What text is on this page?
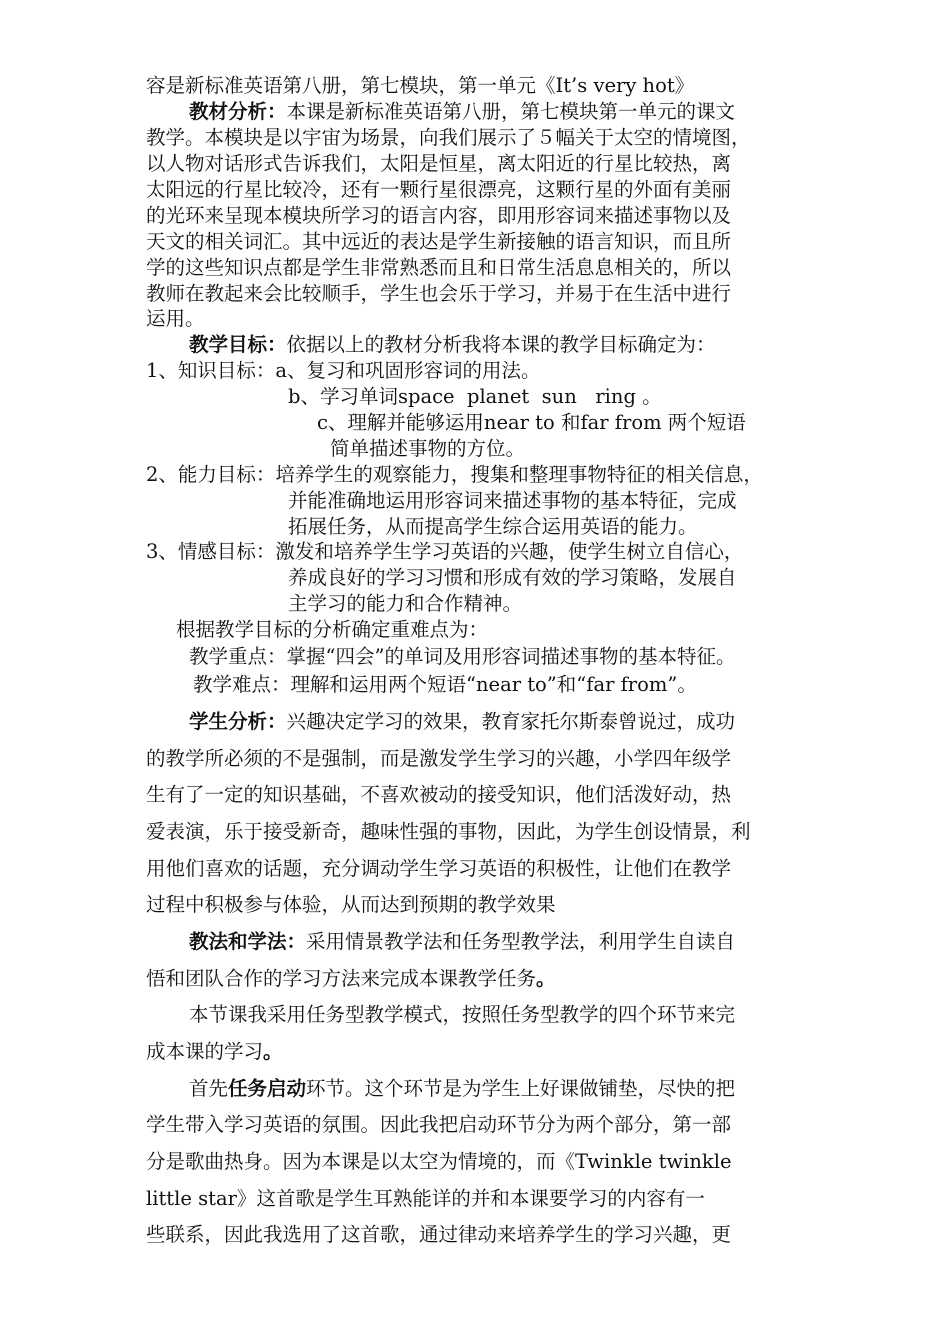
容是新标准英语第八册，第七模块，第一单元《It’s very hot》
教材分析：本课是新标准英语第八册，第七模块第一单元的课文
教学。本模块是以宇宙为场景，向我们展示了５幅关于太空的情境图，
以人物对话形式告诉我们，太阳是恒星，离太阳近的行星比较热，离
太阳远的行星比较冷，还有一颗行星很漂亮，这颗行星的外面有美丽
的光环来呈现本模块所学习的语言内容，即用形容词来描述事物以及
天文的相关词汇。其中远近的表达是学生新接触的语言知识，而且所
学的这些知识点都是学生非常熟悉而且和日常生活息息相关的，所以
教师在教起来会比较顺手，学生也会乐于学习，并易于在生活中进行
运用。
教学目标：依据以上的教材分析我将本课的教学目标确定为：
1、知识目标：a、复习和巩固形容词的用法。
b、学习单词space  planet  sun   ring 。
c、理解并能够运用near to 和far from 两个短语
简单描述事物的方位。
2、能力目标：培养学生的观察能力，搜集和整理事物特征的相关信息，
并能准确地运用形容词来描述事物的基本特征，完成
拓展任务，从而提高学生综合运用英语的能力。
3、情感目标：激发和培养学生学习英语的兴趣，使学生树立自信心，
养成良好的学习习惯和形成有效的学习策略，发展自
主学习的能力和合作精神。
根据教学目标的分析确定重难点为：
教学重点：掌握“四会”的单词及用形容词描述事物的基本特征。
教学难点：理解和运用两个短语“near to”和“far from”。
学生分析：兴趣决定学习的效果，教育家托尔斯泰曾说过，成功
的教学所必须的不是强制，而是激发学生学习的兴趣，小学四年级学
生有了一定的知识基础，不喜欢被动的接受知识，他们活泼好动，热
爱表演，乐于接受新奇，趣味性强的事物，因此，为学生创设情景，利
用他们喜欢的话题，充分调动学生学习英语的积极性，让他们在教学
过程中积极参与体验，从而达到预期的教学效果
教法和学法：采用情景教学法和任务型教学法，利用学生自读自
悟和团队合作的学习方法来完成本课教学任务。
本节课我采用任务型教学模式，按照任务型教学的四个环节来完
成本课的学习。
首先任务启动环节。这个环节是为学生上好课做铺垫，尽快的把
学生带入学习英语的氛围。因此我把启动环节分为两个部分，第一部
分是歌曲热身。因为本课是以太空为情境的，而《Twinkle twinkle
little star》这首歌是学生耳熟能详的并和本课要学习的内容有一
些联系，因此我选用了这首歌，通过律动来培养学生的学习兴趣，更
